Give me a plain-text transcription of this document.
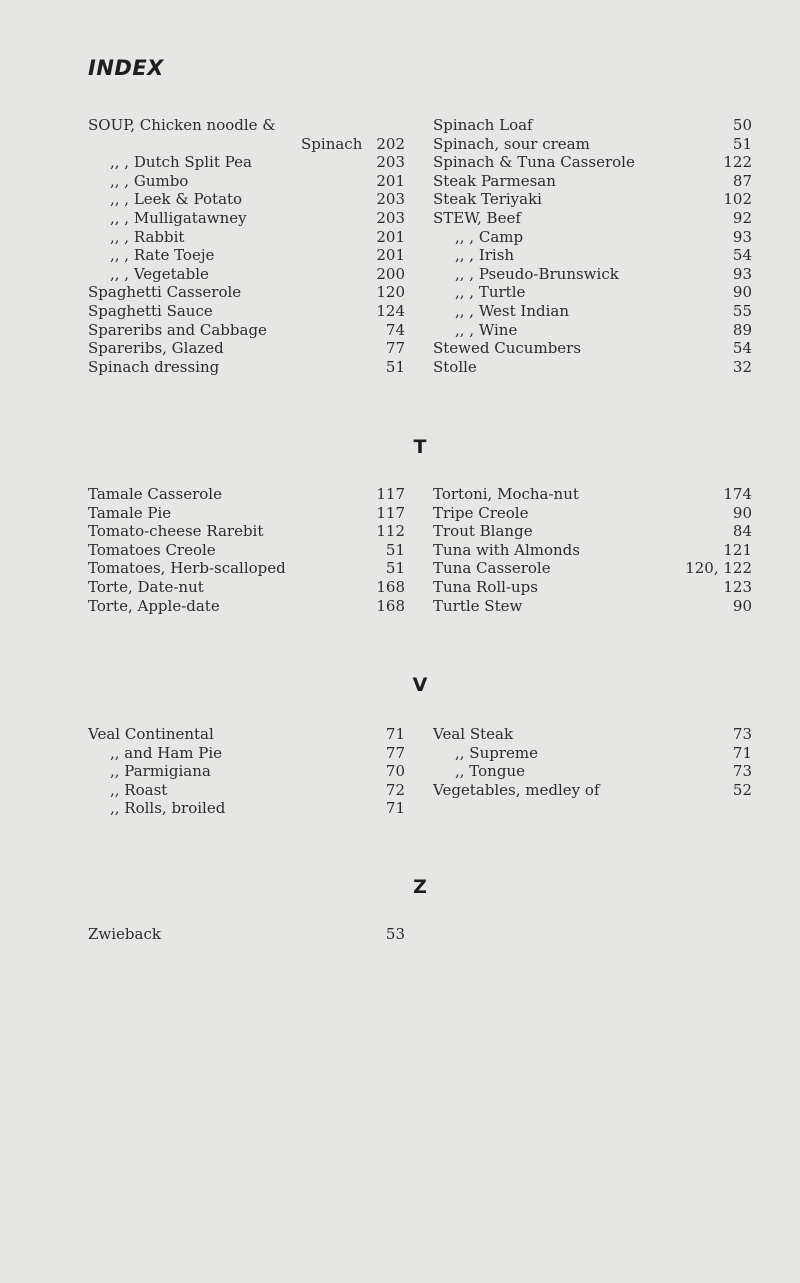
INDEX
SOUP, Chicken noodle &
Spinach 202
,, , Dutch Split Pea	203
,, , Gumbo	201
,, , Leek & Potato	203
,, , Mulligatawney	203
,, , Rabbit	201
,, , Rate Toeje	201
,, , Vegetable	200
Spaghetti Casserole	120
Spaghetti Sauce	124
Spareribs and Cabbage	74
Spareribs, Glazed	77
Spinach dressing	51
Spinach Loaf	50
Spinach, sour cream	51
Spinach & Tuna Casserole	122
Steak Parmesan	87
Steak Teriyaki	102
STEW, Beef	92
,, , Camp	93
,, , Irish	54
,, , Pseudo-Brunswick	93
,, , Turtle	90
,, , West Indian	55
,, , Wine	89
Stewed Cucumbers	54
Stolle	32
T
Tamale Casserole	117
Tamale Pie	117
Tomato-cheese Rarebit	112
Tomatoes Creole	51
Tomatoes, Herb-scalloped	51
Torte, Date-nut	168
Torte, Apple-date	168
Tortoni, Mocha-nut	174
Tripe Creole	90
Trout Blange	84
Tuna with Almonds	121
Tuna Casserole	120, 122
Tuna Roll-ups	123
Turtle Stew	90
V
Veal Continental	71
,, and Ham Pie	77
,, Parmigiana	70
,, Roast	72
,, Rolls, broiled	71
Veal Steak	73
,, Supreme	71
,, Tongue	73
Vegetables, medley of	52
Z
Zwieback	53
